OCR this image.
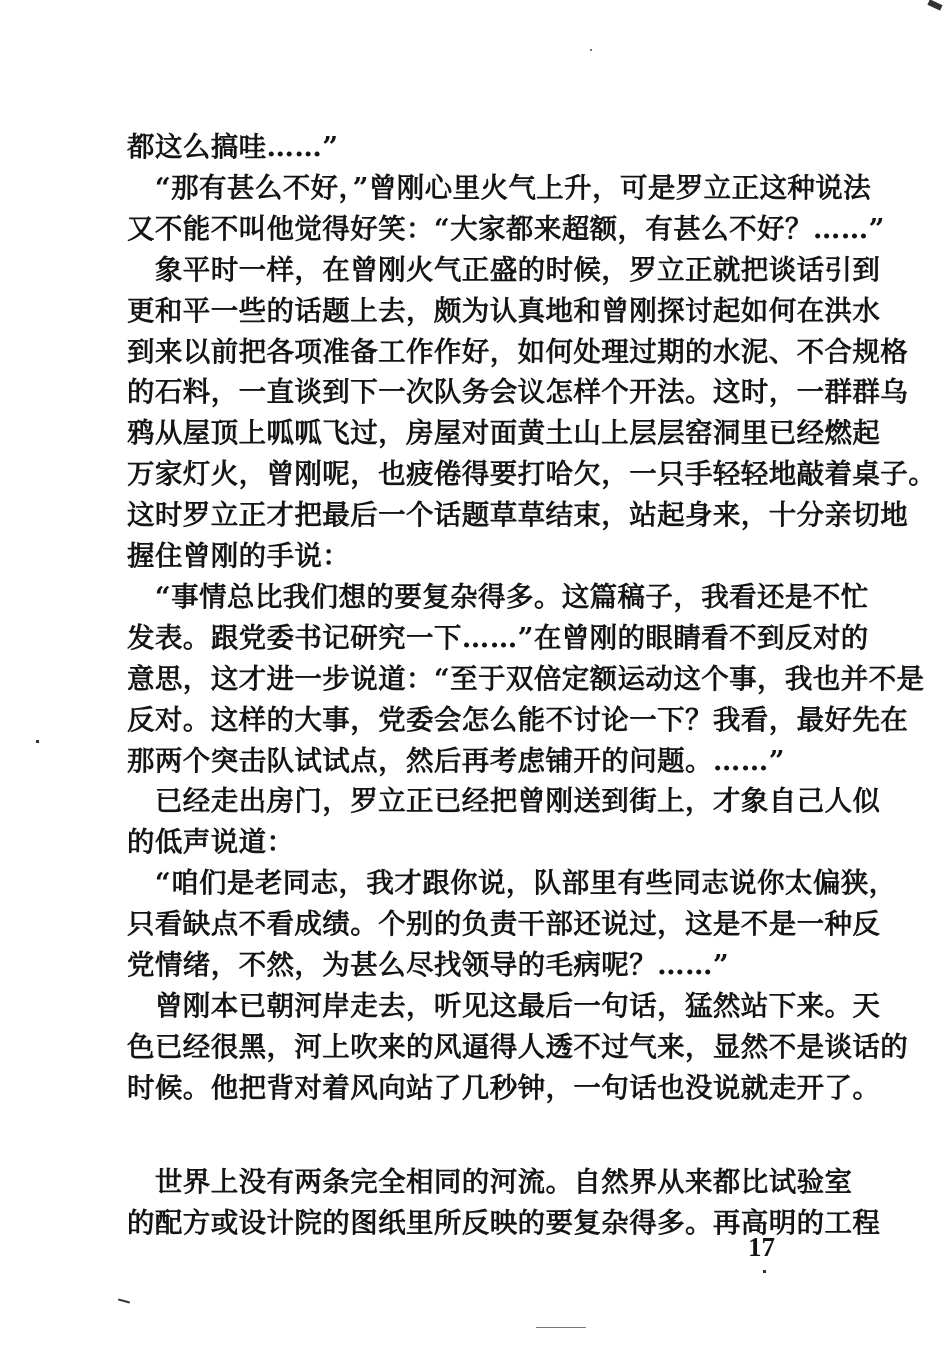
都这么搞哇……”
　“那有甚么不好，”曾刚心里火气上升，可是罗立正这种说法
又不能不叫他觉得好笑：“大家都来超额，有甚么不好？……”
　象平时一样，在曾刚火气正盛的时候，罗立正就把谈话引到
更和平一些的话题上去，颇为认真地和曾刚探讨起如何在洪水
到来以前把各项准备工作作好，如何处理过期的水泥、不合规格
的石料，一直谈到下一次队务会议怎样个开法。这时，一群群乌
鸦从屋顶上呱呱飞过，房屋对面黄土山上层层窑洞里已经燃起
万家灯火，曾刚呢，也疲倦得要打哈欠，一只手轻轻地敲着桌子。
这时罗立正才把最后一个话题草草结束，站起身来，十分亲切地
握住曾刚的手说：
　“事情总比我们想的要复杂得多。这篇稿子，我看还是不忙
发表。跟党委书记研究一下……”在曾刚的眼睛看不到反对的
意思，这才进一步说道：“至于双倍定额运动这个事，我也并不是
反对。这样的大事，党委会怎么能不讨论一下？我看，最好先在
那两个突击队试试点，然后再考虑铺开的问题。……”
　已经走出房门，罗立正已经把曾刚送到街上，才象自己人似
的低声说道：
　“咱们是老同志，我才跟你说，队部里有些同志说你太偏狭，
只看缺点不看成绩。个别的负责干部还说过，这是不是一种反
党情绪，不然，为甚么尽找领导的毛病呢？……”
　曾刚本已朝河岸走去，听见这最后一句话，猛然站下来。天
色已经很黑，河上吹来的风逼得人透不过气来，显然不是谈话的
时候。他把背对着风向站了几秒钟，一句话也没说就走开了。
　世界上没有两条完全相同的河流。自然界从来都比试验室
的配方或设计院的图纸里所反映的要复杂得多。再高明的工程
17
